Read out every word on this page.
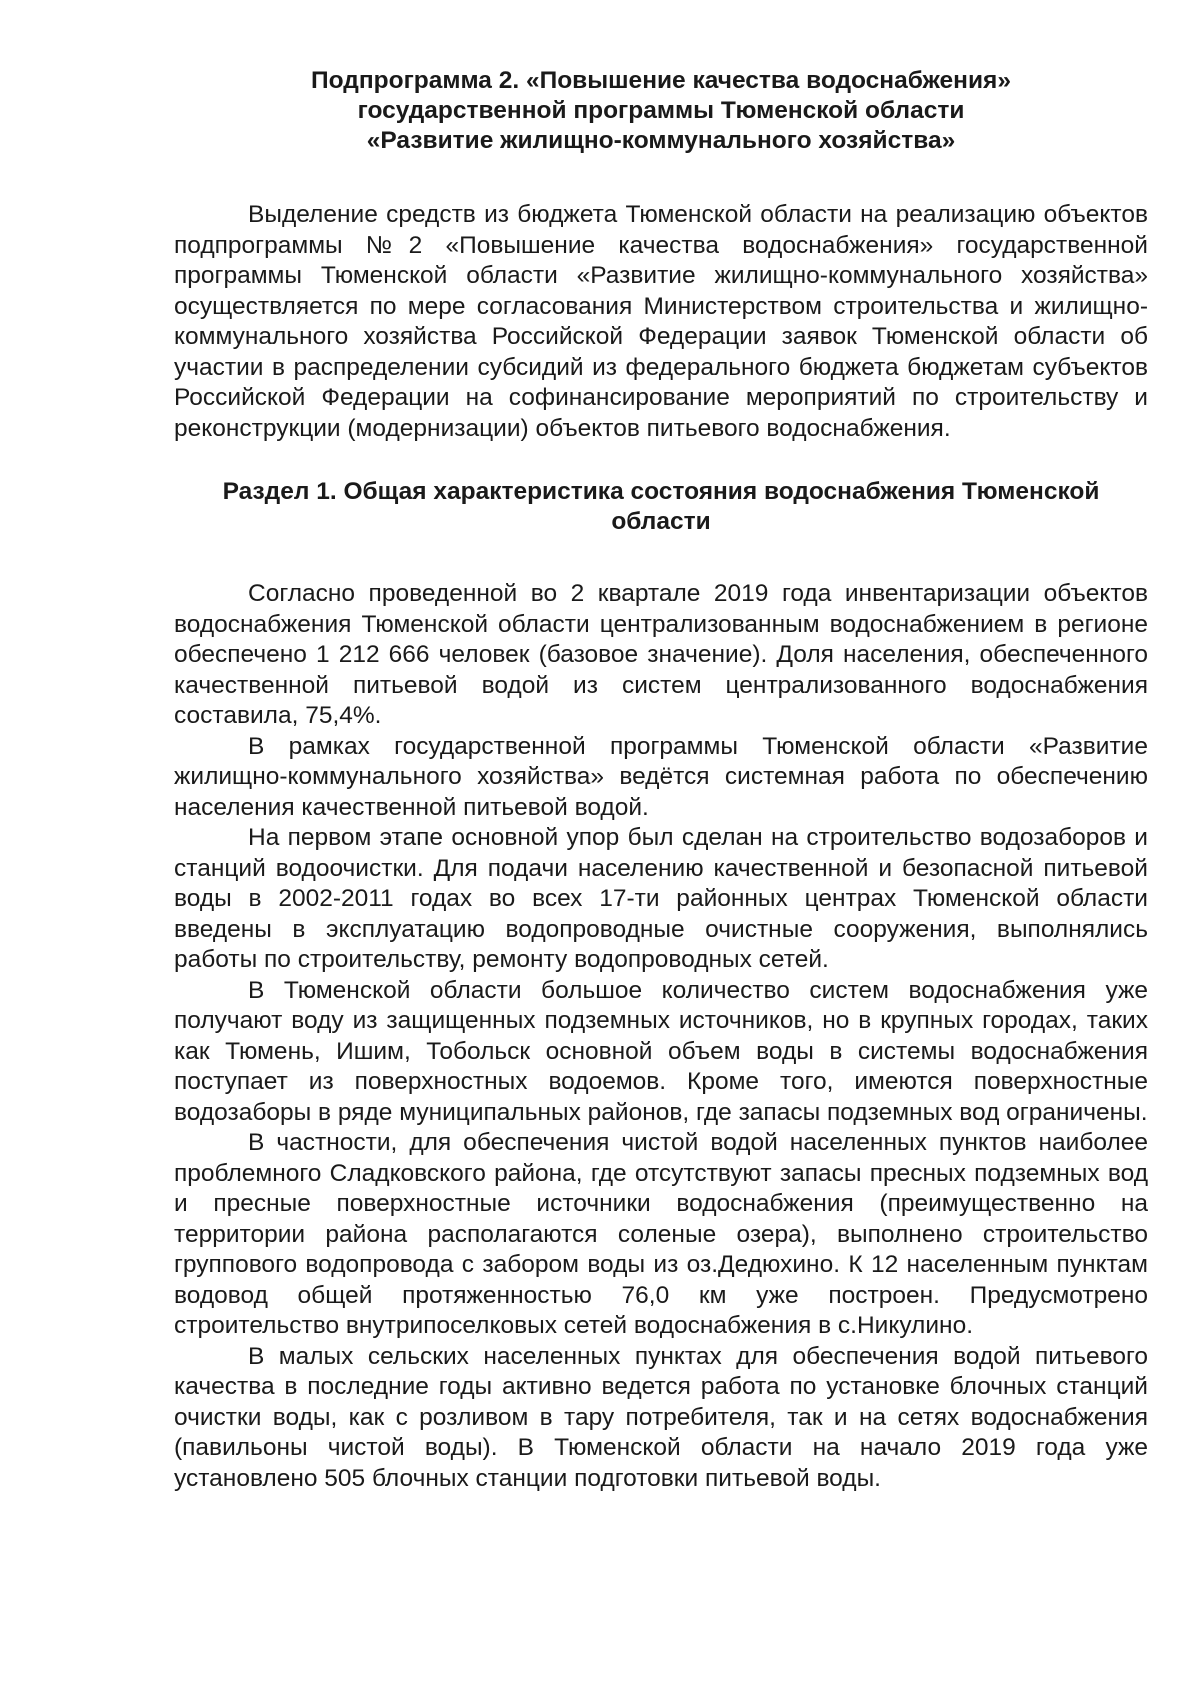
Подпрограмма 2. «Повышение качества водоснабжения»
государственной программы Тюменской области
«Развитие жилищно-коммунального хозяйства»

Выделение средств из бюджета Тюменской области на реализацию объектов подпрограммы №2 «Повышение качества водоснабжения» государственной программы Тюменской области «Развитие жилищно-коммунального хозяйства» осуществляется по мере согласования Министерством строительства и жилищно-коммунального хозяйства Российской Федерации заявок Тюменской области об участии в распределении субсидий из федерального бюджета бюджетам субъектов Российской Федерации на софинансирование мероприятий по строительству и реконструкции (модернизации) объектов питьевого водоснабжения.

Раздел 1. Общая характеристика состояния водоснабжения Тюменской области

Согласно проведенной во 2 квартале 2019 года инвентаризации объектов водоснабжения Тюменской области централизованным водоснабжением в регионе обеспечено 1 212 666 человек (базовое значение). Доля населения, обеспеченного качественной питьевой водой из систем централизованного водоснабжения составила, 75,4%.

В рамках государственной программы Тюменской области «Развитие жилищно-коммунального хозяйства» ведётся системная работа по обеспечению населения качественной питьевой водой.

На первом этапе основной упор был сделан на строительство водозаборов и станций водоочистки. Для подачи населению качественной и безопасной питьевой воды в 2002-2011 годах во всех 17-ти районных центрах Тюменской области введены в эксплуатацию водопроводные очистные сооружения, выполнялись работы по строительству, ремонту водопроводных сетей.

В Тюменской области большое количество систем водоснабжения уже получают воду из защищенных подземных источников, но в крупных городах, таких как Тюмень, Ишим, Тобольск основной объем воды в системы водоснабжения поступает из поверхностных водоемов. Кроме того, имеются поверхностные водозаборы в ряде муниципальных районов, где запасы подземных вод ограничены.

В частности, для обеспечения чистой водой населенных пунктов наиболее проблемного Сладковского района, где отсутствуют запасы пресных подземных вод и пресные поверхностные источники водоснабжения (преимущественно на территории района располагаются соленые озера), выполнено строительство группового водопровода с забором воды из оз.Дедюхино. К 12 населенным пунктам водовод общей протяженностью 76,0 км уже построен. Предусмотрено строительство внутрипоселковых сетей водоснабжения в с.Никулино.

В малых сельских населенных пунктах для обеспечения водой питьевого качества в последние годы активно ведется работа по установке блочных станций очистки воды, как с розливом в тару потребителя, так и на сетях водоснабжения (павильоны чистой воды). В Тюменской области на начало 2019 года уже установлено 505 блочных станции подготовки питьевой воды.
